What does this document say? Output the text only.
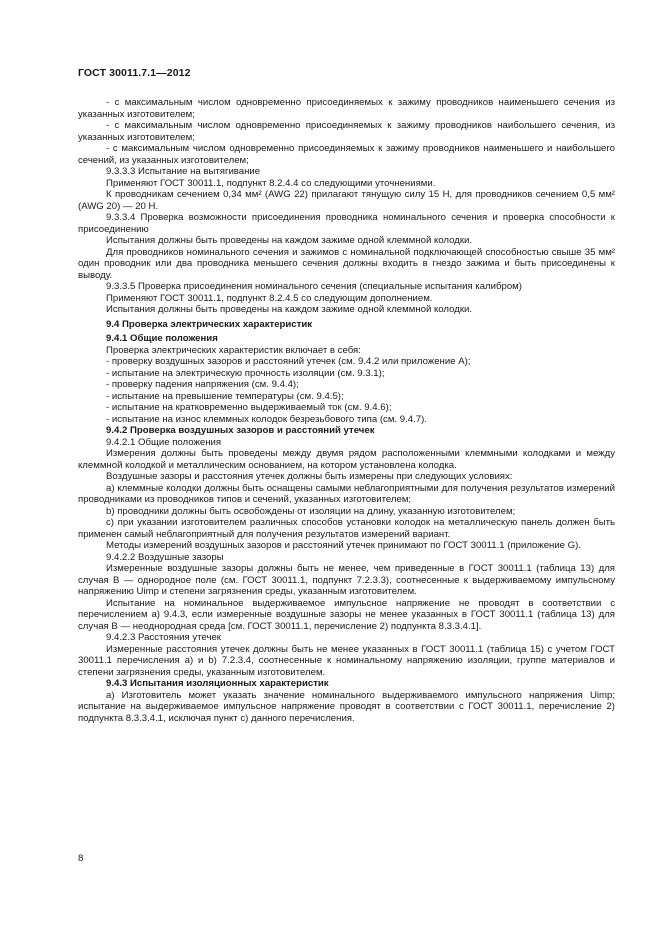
ГОСТ 30011.7.1—2012

- с максимальным числом одновременно присоединяемых к зажиму проводников наименьшего сечения из указанных изготовителем;

- с максимальным числом одновременно присоединяемых к зажиму проводников наибольшего сечения, из указанных изготовителем;

- с максимальным числом одновременно присоединяемых к зажиму проводников наименьшего и наибольшего сечений, из указанных изготовителем;

9.3.3.3 Испытание на вытягивание

Применяют ГОСТ 30011.1, подпункт 8.2.4.4 со следующими уточнениями.

К проводникам сечением 0,34 мм² (AWG 22) прилагают тянущую силу 15 Н, для проводников сечением 0,5 мм² (AWG 20) — 20 Н.

9.3.3.4 Проверка возможности присоединения проводника номинального сечения и проверка способности к присоединению

Испытания должны быть проведены на каждом зажиме одной клеммной колодки.

Для проводников номинального сечения и зажимов с номинальной подключающей способностью свыше 35 мм² один проводник или два проводника меньшего сечения должны входить в гнездо зажима и быть присоединены к выводу.

9.3.3.5 Проверка присоединения номинального сечения (специальные испытания калибром)

Применяют ГОСТ 30011.1, подпункт 8.2.4.5 со следующим дополнением.

Испытания должны быть проведены на каждом зажиме одной клеммной колодки.

9.4 Проверка электрических характеристик

9.4.1 Общие положения

Проверка электрических характеристик включает в себя:

- проверку воздушных зазоров и расстояний утечек (см. 9.4.2 или приложение А);

- испытание на электрическую прочность изоляции (см. 9.3.1);

- проверку падения напряжения (см. 9.4.4);

- испытание на превышение температуры (см. 9.4.5);

- испытание на кратковременно выдерживаемый ток (см. 9.4.6);

- испытание на износ клеммных колодок безрезьбового типа (см. 9.4.7).

9.4.2 Проверка воздушных зазоров и расстояний утечек

9.4.2.1 Общие положения

Измерения должны быть проведены между двумя рядом расположенными клеммными колодками и между клеммной колодкой и металлическим основанием, на котором установлена колодка.

Воздушные зазоры и расстояния утечек должны быть измерены при следующих условиях:

а) клеммные колодки должны быть оснащены самыми неблагоприятными для получения результатов измерений проводниками из проводников типов и сечений, указанных изготовителем;

b) проводники должны быть освобождены от изоляции на длину, указанную изготовителем;

с) при указании изготовителем различных способов установки колодок на металлическую панель должен быть применен самый неблагоприятный для получения результатов измерений вариант.

Методы измерений воздушных зазоров и расстояний утечек принимают по ГОСТ 30011.1 (приложение G).

9.4.2.2 Воздушные зазоры

Измеренные воздушные зазоры должны быть не менее, чем приведенные в ГОСТ 30011.1 (таблица 13) для случая В — однородное поле (см. ГОСТ 30011.1, подпункт 7.2.3.3), соотнесенные к выдерживаемому импульсному напряжению Uimp и степени загрязнения среды, указанным изготовителем.

Испытание на номинальное выдерживаемое импульсное напряжение не проводят в соответствии с перечислением а) 9.4.3, если измеренные воздушные зазоры не менее указанных в ГОСТ 30011.1 (таблица 13) для случая В — неоднородная среда [см. ГОСТ 30011.1, перечисление 2) подпункта 8.3.3.4.1].

9.4.2.3 Расстояния утечек

Измеренные расстояния утечек должны быть не менее указанных в ГОСТ 30011.1 (таблица 15) с учетом ГОСТ 30011.1 перечисления а) и b) 7.2.3.4, соотнесенные к номинальному напряжению изоляции, группе материалов и степени загрязнения среды, указанным изготовителем.

9.4.3 Испытания изоляционных характеристик

а) Изготовитель может указать значение номинального выдерживаемого импульсного напряжения Uimp; испытание на выдерживаемое импульсное напряжение проводят в соответствии с ГОСТ 30011.1, перечисление 2) подпункта 8.3.3.4.1, исключая пункт с) данного перечисления.

8
